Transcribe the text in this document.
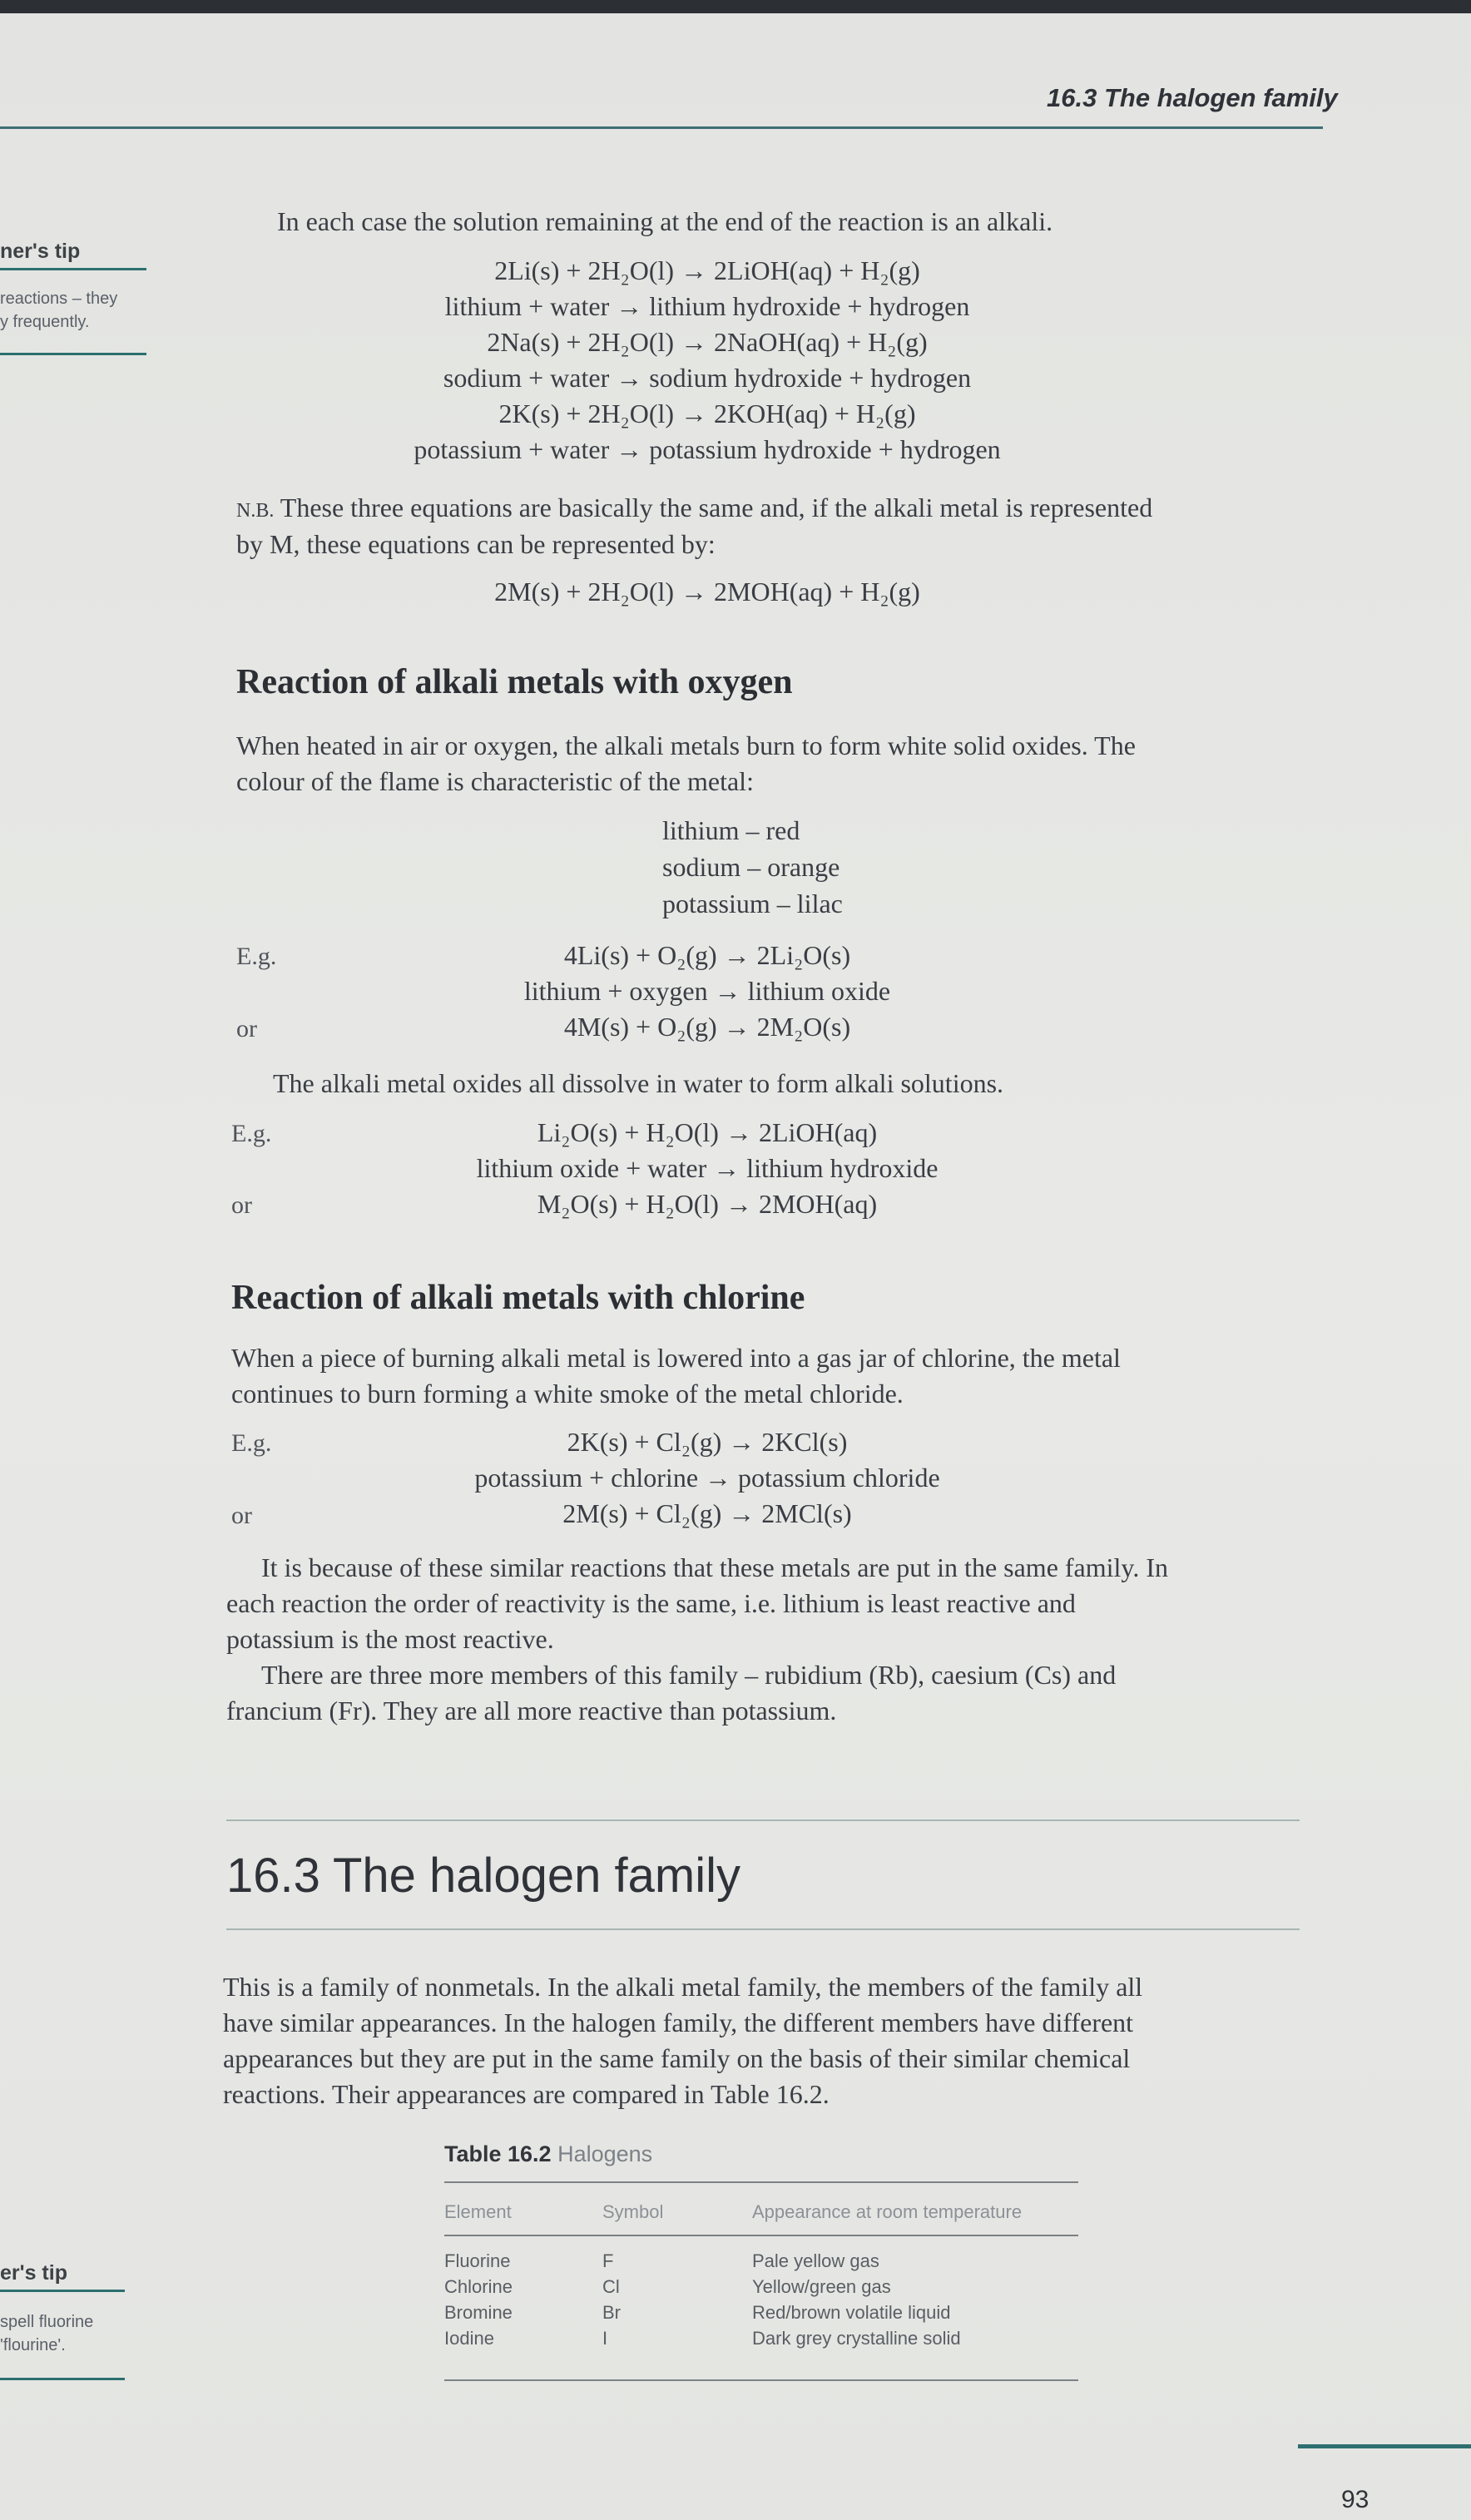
16.3 The halogen family
ner's tip
reactions – they
y frequently.
In each case the solution remaining at the end of the reaction is an alkali.
2Li(s) + 2H₂O(l) → 2LiOH(aq) + H₂(g)
lithium + water → lithium hydroxide + hydrogen
2Na(s) + 2H₂O(l) → 2NaOH(aq) + H₂(g)
sodium + water → sodium hydroxide + hydrogen
2K(s) + 2H₂O(l) → 2KOH(aq) + H₂(g)
potassium + water → potassium hydroxide + hydrogen
N.B. These three equations are basically the same and, if the alkali metal is represented
by M, these equations can be represented by:
2M(s) + 2H₂O(l) → 2MOH(aq) + H₂(g)
Reaction of alkali metals with oxygen
When heated in air or oxygen, the alkali metals burn to form white solid oxides. The
colour of the flame is characteristic of the metal:
lithium – red
sodium – orange
potassium – lilac
E.g.	4Li(s) + O₂(g) → 2Li₂O(s)
lithium + oxygen → lithium oxide
or	4M(s) + O₂(g) → 2M₂O(s)
The alkali metal oxides all dissolve in water to form alkali solutions.
E.g.	Li₂O(s) + H₂O(l) → 2LiOH(aq)
lithium oxide + water → lithium hydroxide
or	M₂O(s) + H₂O(l) → 2MOH(aq)
Reaction of alkali metals with chlorine
When a piece of burning alkali metal is lowered into a gas jar of chlorine, the metal
continues to burn forming a white smoke of the metal chloride.
E.g.	2K(s) + Cl₂(g) → 2KCl(s)
potassium + chlorine → potassium chloride
or	2M(s) + Cl₂(g) → 2MCl(s)
It is because of these similar reactions that these metals are put in the same family. In
each reaction the order of reactivity is the same, i.e. lithium is least reactive and
potassium is the most reactive.
There are three more members of this family – rubidium (Rb), caesium (Cs) and
francium (Fr). They are all more reactive than potassium.
16.3 The halogen family
This is a family of nonmetals. In the alkali metal family, the members of the family all
have similar appearances. In the halogen family, the different members have different
appearances but they are put in the same family on the basis of their similar chemical
reactions. Their appearances are compared in Table 16.2.
Table 16.2 Halogens
Element	Symbol	Appearance at room temperature
Fluorine	F	Pale yellow gas
Chlorine	Cl	Yellow/green gas
Bromine	Br	Red/brown volatile liquid
Iodine	I	Dark grey crystalline solid
er's tip
spell fluorine
'flourine'.
93
